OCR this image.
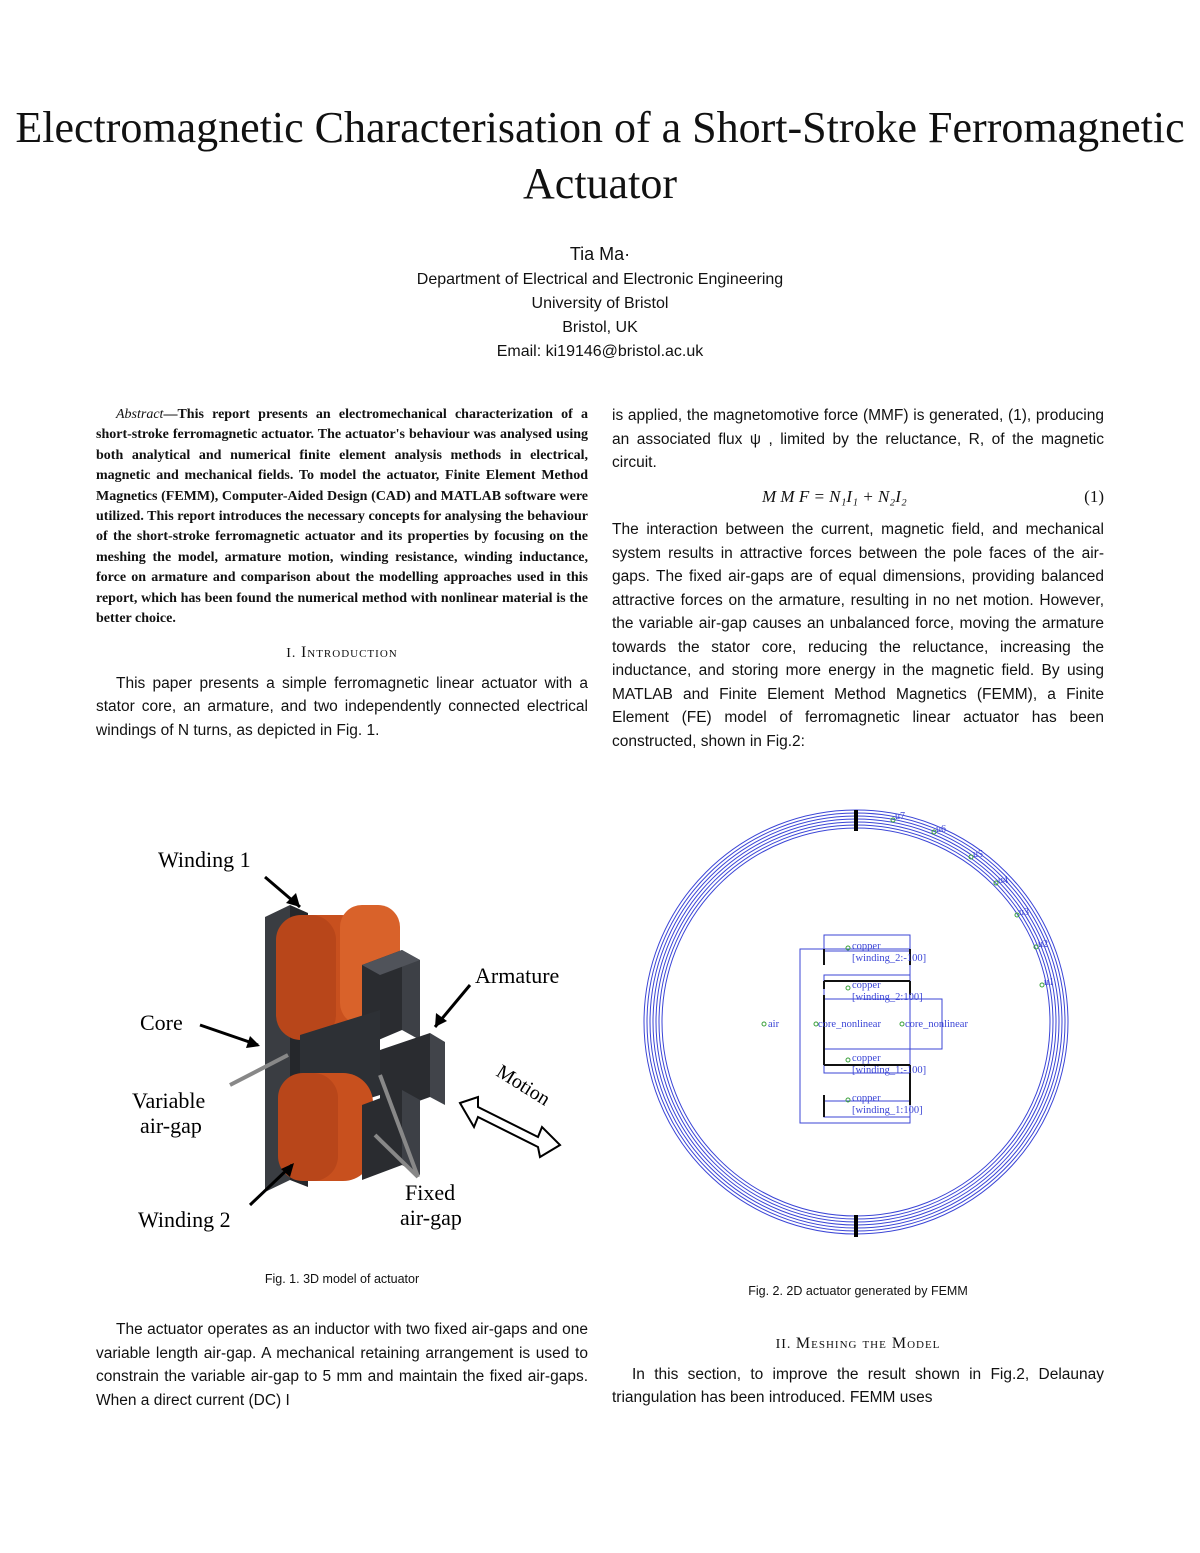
Electromagnetic Characterisation of a Short-Stroke Ferromagnetic Actuator
Tia Ma·
Department of Electrical and Electronic Engineering
University of Bristol
Bristol, UK
Email: ki19146@bristol.ac.uk

Abstract—This report presents an electromechanical characterization of a short-stroke ferromagnetic actuator. The actuator's behaviour was analysed using both analytical and numerical finite element analysis methods in electrical, magnetic and mechanical fields. To model the actuator, Finite Element Method Magnetics (FEMM), Computer-Aided Design (CAD) and MATLAB software were utilized. This report introduces the necessary concepts for analysing the behaviour of the short-stroke ferromagnetic actuator and its properties by focusing on the meshing the model, armature motion, winding resistance, winding inductance, force on armature and comparison about the modelling approaches used in this report, which has been found the numerical method with nonlinear material is the better choice.

I. Introduction

This paper presents a simple ferromagnetic linear actuator with a stator core, an armature, and two independently connected electrical windings of N turns, as depicted in Fig. 1.

is applied, the magnetomotive force (MMF) is generated, (1), producing an associated flux ψ , limited by the reluctance, R, of the magnetic circuit.

M M F = N₁I₁ + N₂I₂	(1)

The interaction between the current, magnetic field, and mechanical system results in attractive forces between the pole faces of the air-gaps. The fixed air-gaps are of equal dimensions, providing balanced attractive forces on the armature, resulting in no net motion. However, the variable air-gap causes an unbalanced force, moving the armature towards the stator core, reducing the reluctance, increasing the inductance, and storing more energy in the magnetic field. By using MATLAB and Finite Element Method Magnetics (FEMM), a Finite Element (FE) model of ferromagnetic linear actuator has been constructed, shown in Fig.2:

Winding 1
Armature
Core
Variable
air-gap
Motion
Fixed
air-gap
Winding 2
Fig. 1. 3D model of actuator
u7
u6
u5
u4
u3
u2
u1
copper
[winding_2:-100]
copper
[winding_2:100]
air	core_nonlinear core_nonlinear
copper
[winding_1:-100]
copper
[winding_1:100]
Fig. 2. 2D actuator generated by FEMM

The actuator operates as an inductor with two fixed air-gaps and one variable length air-gap. A mechanical retaining arrangement is used to constrain the variable air-gap to 5 mm and maintain the fixed air-gaps. When a direct current (DC) I

II. Meshing the Model

In this section, to improve the result shown in Fig.2, Delaunay triangulation has been introduced. FEMM uses
